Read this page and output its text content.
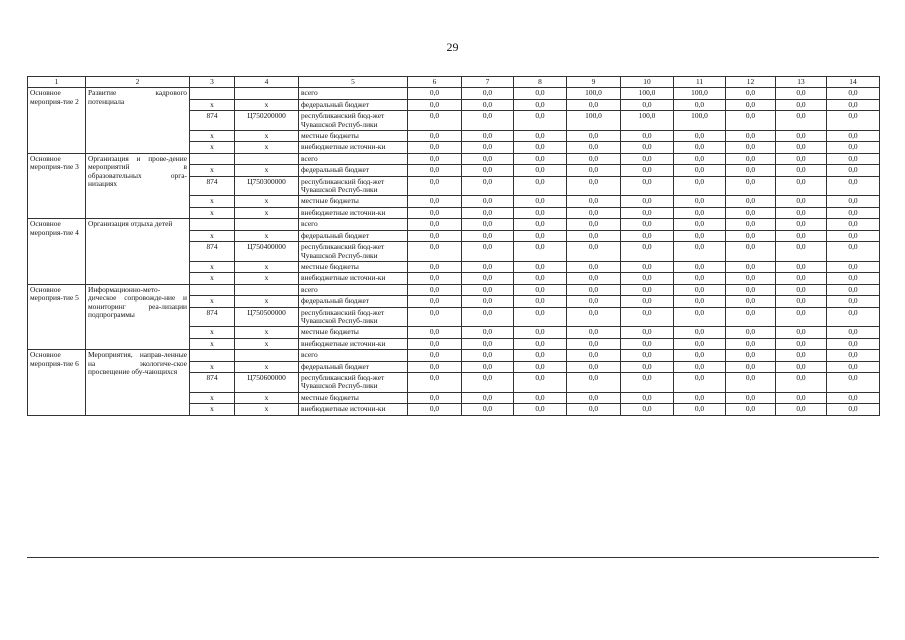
29
1	2	3	4	5	6	7	8	9	10	11	12	13	14
Основное мероприя-тие 2	Развитие кадрового потенциала			всего	0,0	0,0	0,0	100,0	100,0	100,0	0,0	0,0	0,0
		х	х	федеральный бюджет	0,0	0,0	0,0	0,0	0,0	0,0	0,0	0,0	0,0
		874	Ц750200000	республиканский бюд-жет Чувашской Респуб-лики	0,0	0,0	0,0	100,0	100,0	100,0	0,0	0,0	0,0
		х	х	местные бюджеты	0,0	0,0	0,0	0,0	0,0	0,0	0,0	0,0	0,0
		х	х	внебюджетные источни-ки	0,0	0,0	0,0	0,0	0,0	0,0	0,0	0,0	0,0
Основное мероприя-тие 3	Организация и прове-дение мероприятий в образовательных орга-низациях			всего	0,0	0,0	0,0	0,0	0,0	0,0	0,0	0,0	0,0
		х	х	федеральный бюджет	0,0	0,0	0,0	0,0	0,0	0,0	0,0	0,0	0,0
		874	Ц750300000	республиканский бюд-жет Чувашской Респуб-лики	0,0	0,0	0,0	0,0	0,0	0,0	0,0	0,0	0,0
		х	х	местные бюджеты	0,0	0,0	0,0	0,0	0,0	0,0	0,0	0,0	0,0
		х	х	внебюджетные источни-ки	0,0	0,0	0,0	0,0	0,0	0,0	0,0	0,0	0,0
Основное мероприя-тие 4	Организация отдыха детей			всего	0,0	0,0	0,0	0,0	0,0	0,0	0,0	0,0	0,0
		х	х	федеральный бюджет	0,0	0,0	0,0	0,0	0,0	0,0	0,0	0,0	0,0
		874	Ц750400000	республиканский бюд-жет Чувашской Респуб-лики	0,0	0,0	0,0	0,0	0,0	0,0	0,0	0,0	0,0
		х	х	местные бюджеты	0,0	0,0	0,0	0,0	0,0	0,0	0,0	0,0	0,0
		х	х	внебюджетные источни-ки	0,0	0,0	0,0	0,0	0,0	0,0	0,0	0,0	0,0
Основное мероприя-тие 5	Информационно-мето-дическое сопровожде-ние и мониторинг реа-лизации подпрограммы			всего	0,0	0,0	0,0	0,0	0,0	0,0	0,0	0,0	0,0
		х	х	федеральный бюджет	0,0	0,0	0,0	0,0	0,0	0,0	0,0	0,0	0,0
		874	Ц750500000	республиканский бюд-жет Чувашской Респуб-лики	0,0	0,0	0,0	0,0	0,0	0,0	0,0	0,0	0,0
		х	х	местные бюджеты	0,0	0,0	0,0	0,0	0,0	0,0	0,0	0,0	0,0
		х	х	внебюджетные источни-ки	0,0	0,0	0,0	0,0	0,0	0,0	0,0	0,0	0,0
Основное мероприя-тие 6	Мероприятия, направ-ленные на экологиче-ское просвещение обу-чающихся			всего	0,0	0,0	0,0	0,0	0,0	0,0	0,0	0,0	0,0
		х	х	федеральный бюджет	0,0	0,0	0,0	0,0	0,0	0,0	0,0	0,0	0,0
		874	Ц750600000	республиканский бюд-жет Чувашской Респуб-лики	0,0	0,0	0,0	0,0	0,0	0,0	0,0	0,0	0,0
		х	х	местные бюджеты	0,0	0,0	0,0	0,0	0,0	0,0	0,0	0,0	0,0
		х	х	внебюджетные источни-ки	0,0	0,0	0,0	0,0	0,0	0,0	0,0	0,0	0,0
